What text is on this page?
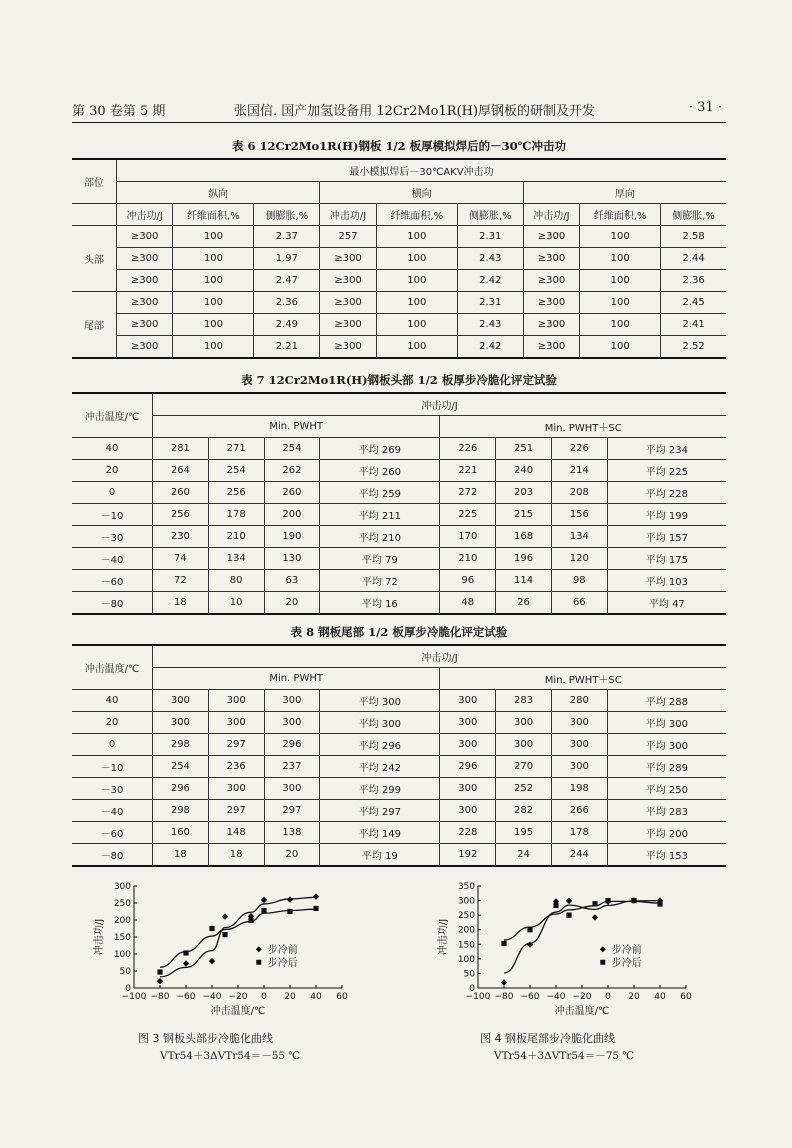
第 30 卷第 5 期	张国信. 国产加氢设备用 12Cr2Mo1R(H)厚钢板的研制及开发	· 31 ·
表 6 12Cr2Mo1R(H)钢板 1/2 板厚模拟焊后的－30℃冲击功
部位	最小模拟焊后－30℃AKV冲击功								
	纵向			横向			厚向		
	冲击功/J	纤维面积,%	侧膨胀,%	冲击功/J	纤维面积,%	侧膨胀,%	冲击功/J	纤维面积,%	侧膨胀,%
头部	≥300	100	2.37	257	100	2.31	≥300	100	2.58
	≥300	100	1.97	≥300	100	2.43	≥300	100	2.44
	≥300	100	2.47	≥300	100	2.42	≥300	100	2.36
尾部	≥300	100	2.36	≥300	100	2.31	≥300	100	2.45
	≥300	100	2.49	≥300	100	2.43	≥300	100	2.41
	≥300	100	2.21	≥300	100	2.42	≥300	100	2.52
表 7 12Cr2Mo1R(H)钢板头部 1/2 板厚步冷脆化评定试验
冲击温度/℃	冲击功/J							
	Min. PWHT				Min. PWHT＋SC			
40	281	271	254	平均 269	226	251	226	平均 234
20	264	254	262	平均 260	221	240	214	平均 225
0	260	256	260	平均 259	272	203	208	平均 228
－10	256	178	200	平均 211	225	215	156	平均 199
－30	230	210	190	平均 210	170	168	134	平均 157
－40	74	134	130	平均 79	210	196	120	平均 175
－60	72	80	63	平均 72	96	114	98	平均 103
－80	18	10	20	平均 16	48	26	66	平均 47
表 8 钢板尾部 1/2 板厚步冷脆化评定试验
冲击温度/℃	冲击功/J							
	Min. PWHT				Min. PWHT＋SC			
40	300	300	300	平均 300	300	283	280	平均 288
20	300	300	300	平均 300	300	300	300	平均 300
0	298	297	296	平均 296	300	300	300	平均 300
－10	254	236	237	平均 242	296	270	300	平均 289
－30	296	300	300	平均 299	300	252	198	平均 250
－40	298	297	297	平均 297	300	282	266	平均 283
－60	160	148	138	平均 149	228	195	178	平均 200
－80	18	18	20	平均 19	192	24	244	平均 153
0
50
100
150
200
250
300
−100 −80 −60 −40 −20 0 20 40 60
冲击温度/℃
冲击功/J	步冷前
步冷后
0
50
100
150
200
250
300
350
−100 −80 −60 −40 −20 0 20 40 60
冲击温度/℃
冲击功/J	步冷前
步冷后
图 3 钢板头部步冷脆化曲线
VTr54＋3ΔVTr54＝－55 ℃
图 4 钢板尾部步冷脆化曲线
VTr54＋3ΔVTr54＝－75 ℃
